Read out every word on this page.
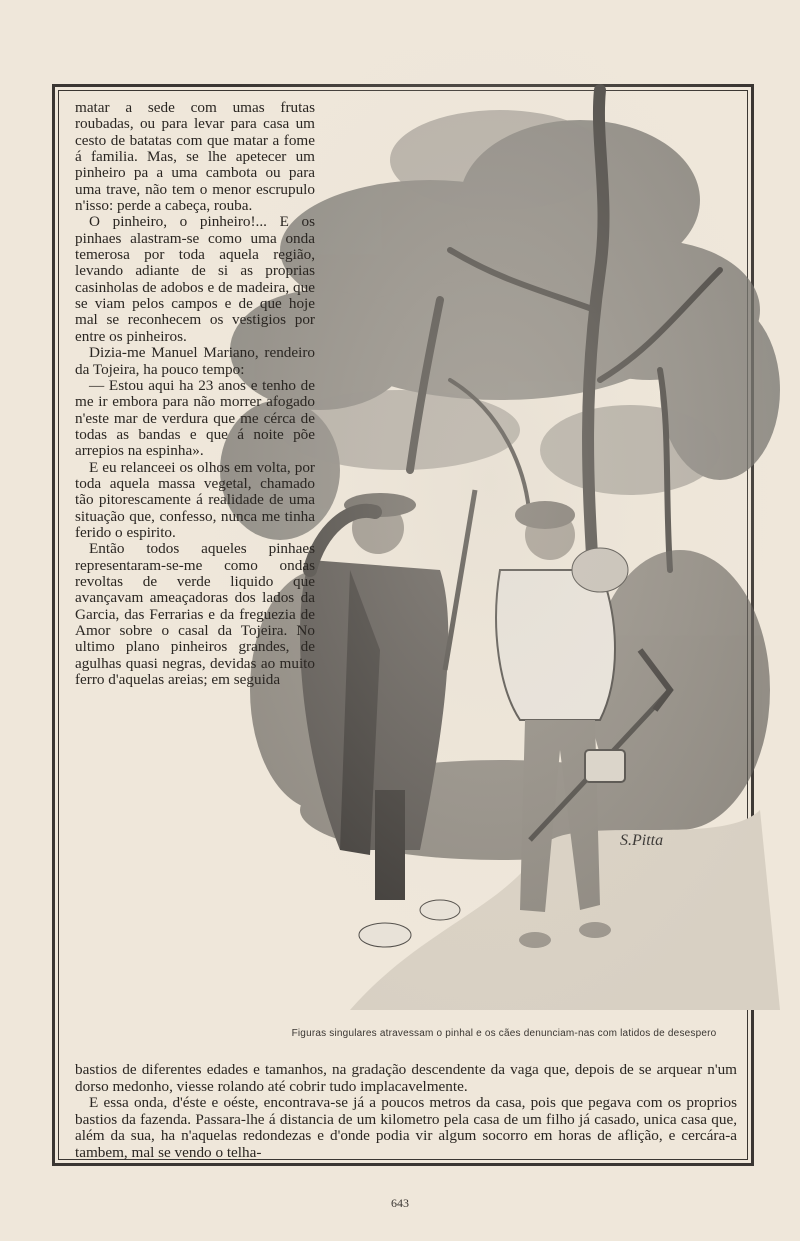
S.Pitta

matar a sede com umas frutas roubadas, ou para levar para casa um cesto de batatas com que matar a fome á familia. Mas, se lhe apetecer um pinheiro pa a uma cambota ou para uma trave, não tem o menor escrupulo n'isso: perde a cabeça, rouba.

O pinheiro, o pinheiro!... E os pinhaes alastram-se como uma onda temerosa por toda aquela região, levando adiante de si as proprias casinholas de adobos e de madeira, que se viam pelos campos e de que hoje mal se reconhecem os vestigios por entre os pinheiros.

Dizia-me Manuel Mariano, rendeiro da Tojeira, ha pouco tempo:

— Estou aqui ha 23 anos e tenho de me ir embora para não morrer afogado n'este mar de verdura que me cérca de todas as bandas e que á noite põe arrepios na espinha».

E eu relanceei os olhos em volta, por toda aquela massa vegetal, chamado tão pitorescamente á realidade de uma situação que, confesso, nunca me tinha ferido o espirito.

Então todos aqueles pinhaes representaram-se-me como ondas revoltas de verde liquido que avançavam ameaçadoras dos lados da Garcia, das Ferrarias e da freguezia de Amor sobre o casal da Tojeira. No ultimo plano pinheiros grandes, de agulhas quasi negras, devidas ao muito ferro d'aquelas areias; em seguida

Figuras singulares atravessam o pinhal e os cães denunciam-nas com latidos de desespero

bastios de diferentes edades e tamanhos, na gradação descendente da vaga que, depois de se arquear n'um dorso medonho, viesse rolando até cobrir tudo implacavelmente.

E essa onda, d'éste e oéste, encontrava-se já a poucos metros da casa, pois que pegava com os proprios bastios da fazenda. Passara-lhe á distancia de um kilometro pela casa de um filho já casado, unica casa que, além da sua, ha n'aquelas redondezas e d'onde podia vir algum socorro em horas de aflição, e cercára-a tambem, mal se vendo o telha-

643
